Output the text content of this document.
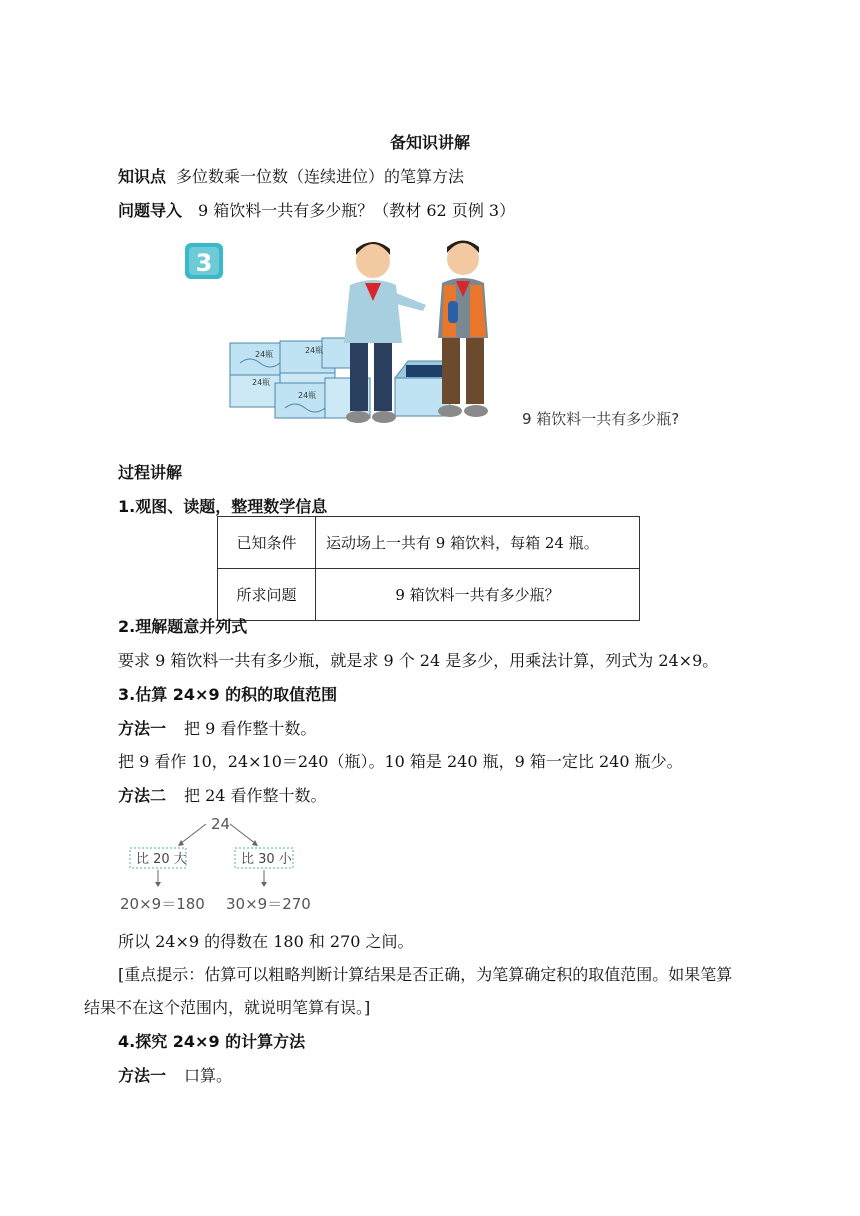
备知识讲解
知识点 多位数乘一位数（连续进位）的笔算方法
问题导入 9 箱饮料一共有多少瓶？（教材 62 页例 3）
3
24瓶	24瓶
24瓶
24瓶
9 箱饮料一共有多少瓶?
过程讲解
1.观图、读题，整理数学信息
已知条件	运动场上一共有 9 箱饮料，每箱 24 瓶。
所求问题	9 箱饮料一共有多少瓶？
2.理解题意并列式
要求 9 箱饮料一共有多少瓶，就是求 9 个 24 是多少，用乘法计算，列式为 24×9。
3.估算 24×9 的积的取值范围
方法一 把 9 看作整十数。
把 9 看作 10，24×10＝240（瓶）。10 箱是 240 瓶，9 箱一定比 240 瓶少。
方法二 把 24 看作整十数。
24
比 20 大	比 30 小
20×9＝180 30×9＝270
所以 24×9 的得数在 180 和 270 之间。
[重点提示：估算可以粗略判断计算结果是否正确，为笔算确定积的取值范围。如果笔算
结果不在这个范围内，就说明笔算有误。]
4.探究 24×9 的计算方法
方法一 口算。
